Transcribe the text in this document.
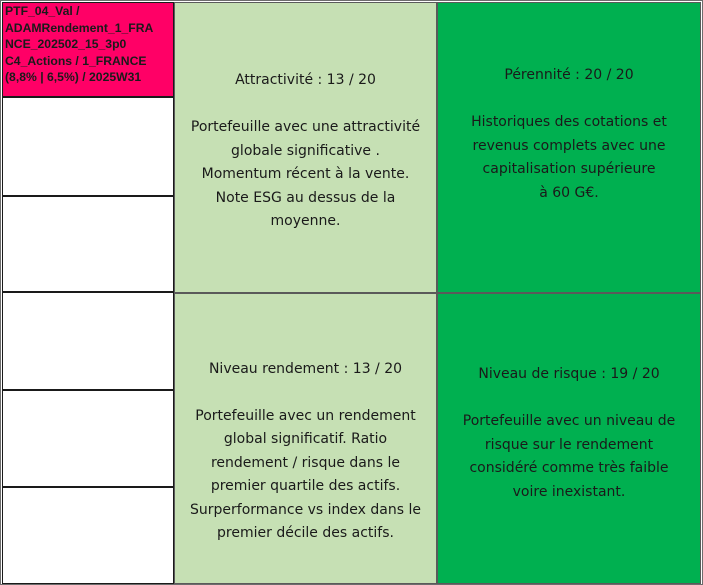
PTF_04_Val /
ADAMRendement_1_FRA
NCE_202502_15_3p0
C4_Actions / 1_FRANCE
(8,8% | 6,5%) / 2025W31	Attractivité : 13 / 20

Portefeuille avec une attractivité
globale significative .
Momentum récent à la vente.
Note ESG au dessus de la
moyenne.

Pérennité : 20 / 20

Historiques des cotations et
revenus complets avec une
capitalisation supérieure
à 60 G€.

Niveau rendement : 13 / 20

Portefeuille avec un rendement
global significatif. Ratio
rendement / risque dans le
premier quartile des actifs.
Surperformance vs index dans le
premier décile des actifs.

Niveau de risque : 19 / 20

Portefeuille avec un niveau de
risque sur le rendement
considéré comme très faible
voire inexistant.
